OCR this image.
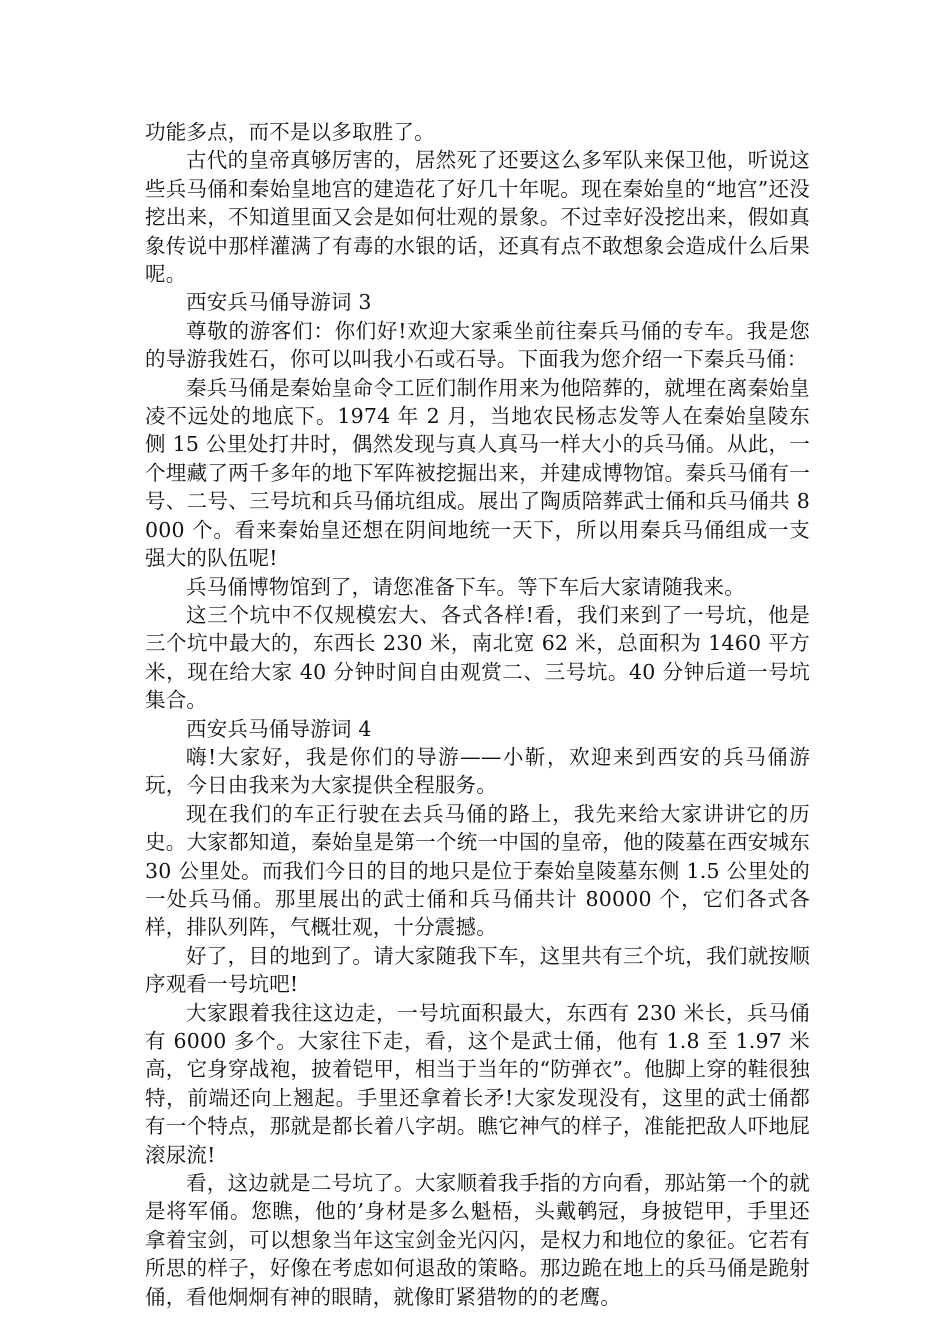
功能多点，而不是以多取胜了。

古代的皇帝真够厉害的，居然死了还要这么多军队来保卫他，听说这些兵马俑和秦始皇地宫的建造花了好几十年呢。现在秦始皇的“地宫”还没挖出来，不知道里面又会是如何壮观的景象。不过幸好没挖出来，假如真象传说中那样灌满了有毒的水银的话，还真有点不敢想象会造成什么后果呢。

西安兵马俑导游词 3

尊敬的游客们：你们好!欢迎大家乘坐前往秦兵马俑的专车。我是您的导游我姓石，你可以叫我小石或石导。下面我为您介绍一下秦兵马俑：

秦兵马俑是秦始皇命令工匠们制作用来为他陪葬的，就埋在离秦始皇凌不远处的地底下。1974 年 2 月，当地农民杨志发等人在秦始皇陵东侧 15 公里处打井时，偶然发现与真人真马一样大小的兵马俑。从此，一个埋藏了两千多年的地下军阵被挖掘出来，并建成博物馆。秦兵马俑有一号、二号、三号坑和兵马俑坑组成。展出了陶质陪葬武士俑和兵马俑共 8000 个。看来秦始皇还想在阴间地统一天下，所以用秦兵马俑组成一支强大的队伍呢!

兵马俑博物馆到了，请您准备下车。等下车后大家请随我来。

这三个坑中不仅规模宏大、各式各样!看，我们来到了一号坑，他是三个坑中最大的，东西长 230 米，南北宽 62 米，总面积为 1460 平方米，现在给大家 40 分钟时间自由观赏二、三号坑。40 分钟后道一号坑集合。

西安兵马俑导游词 4

嗨!大家好，我是你们的导游——小靳，欢迎来到西安的兵马俑游玩，今日由我来为大家提供全程服务。

现在我们的车正行驶在去兵马俑的路上，我先来给大家讲讲它的历史。大家都知道，秦始皇是第一个统一中国的皇帝，他的陵墓在西安城东 30 公里处。而我们今日的目的地只是位于秦始皇陵墓东侧 1.5 公里处的一处兵马俑。那里展出的武士俑和兵马俑共计 80000 个，它们各式各样，排队列阵，气概壮观，十分震撼。

好了，目的地到了。请大家随我下车，这里共有三个坑，我们就按顺序观看一号坑吧!

大家跟着我往这边走，一号坑面积最大，东西有 230 米长，兵马俑有 6000 多个。大家往下走，看，这个是武士俑，他有 1.8 至 1.97 米高，它身穿战袍，披着铠甲，相当于当年的“防弹衣”。他脚上穿的鞋很独特，前端还向上翘起。手里还拿着长矛!大家发现没有，这里的武士俑都有一个特点，那就是都长着八字胡。瞧它神气的样子，准能把敌人吓地屁滚尿流!

看，这边就是二号坑了。大家顺着我手指的方向看，那站第一个的就是将军俑。您瞧，他的’身材是多么魁梧，头戴鹌冠，身披铠甲，手里还拿着宝剑，可以想象当年这宝剑金光闪闪，是权力和地位的象征。它若有所思的样子，好像在考虑如何退敌的策略。那边跪在地上的兵马俑是跪射俑，看他炯炯有神的眼睛，就像盯紧猎物的的老鹰。
